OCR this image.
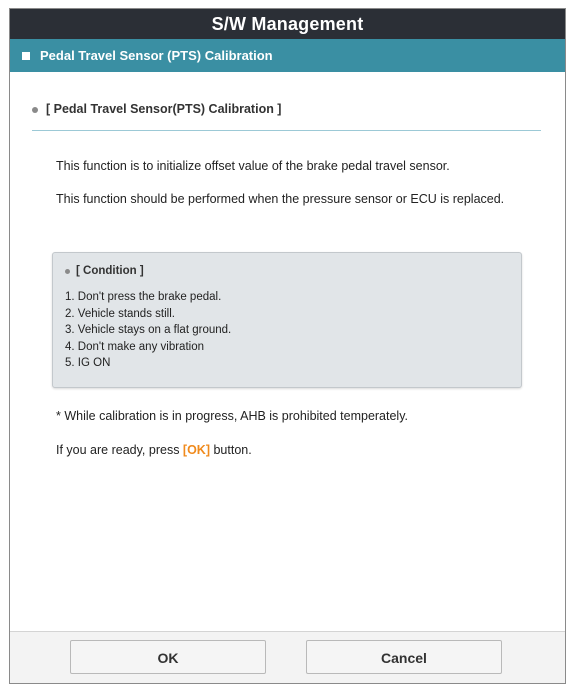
S/W Management
Pedal Travel Sensor (PTS) Calibration
[ Pedal Travel Sensor(PTS) Calibration ]
This function is to initialize offset value of the brake pedal travel sensor.
This function should be performed when the pressure sensor or ECU is replaced.
[ Condition ]
1. Don't press the brake pedal.
2. Vehicle stands still.
3. Vehicle stays on a flat ground.
4. Don't make any vibration
5. IG ON
* While calibration is in progress, AHB is prohibited temperately.
If you are ready, press [OK] button.
OK	Cancel
